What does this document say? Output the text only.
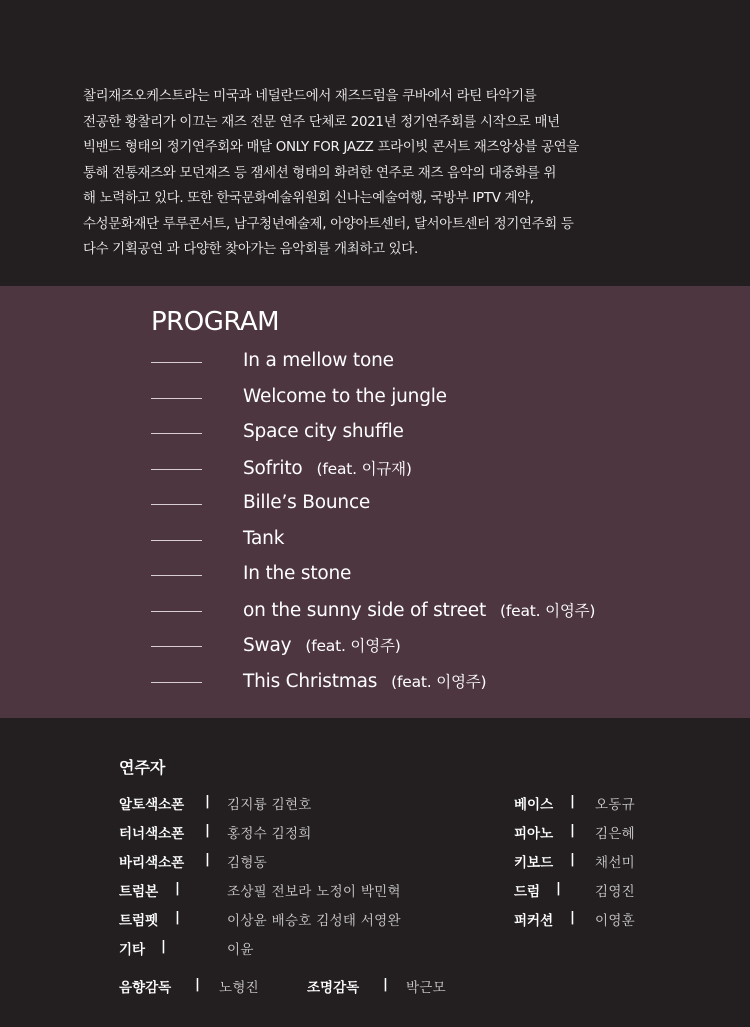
찰리재즈오케스트라는 미국과 네덜란드에서 재즈드럼을 쿠바에서 라틴 타악기를
전공한 황찰리가 이끄는 재즈 전문 연주 단체로 2021년 정기연주회를 시작으로 매년
빅밴드 형태의 정기연주회와 매달 ONLY FOR JAZZ 프라이빗 콘서트 재즈앙상블 공연을
통해 전통재즈와 모던재즈 등 잼세션 형태의 화려한 연주로 재즈 음악의 대중화를 위
해 노력하고 있다. 또한 한국문화예술위원회 신나는예술여행, 국방부 IPTV 계약,
수성문화재단 루루콘서트, 남구청년예술제, 아양아트센터, 달서아트센터 정기연주회 등
다수 기획공연 과 다양한 찾아가는 음악회를 개최하고 있다.
PROGRAM
In a mellow tone
Welcome to the jungle
Space city shuffle
Sofrito (feat. 이규재)
Bille’s Bounce
Tank
In the stone
on the sunny side of street (feat. 이영주)
Sway (feat. 이영주)
This Christmas (feat. 이영주)
연주자
알토색소폰 | 김지륭 김현호
터너색소폰 | 홍정수 김정희
바리색소폰 | 김형동
트럼본 |	조상필 전보라 노정이 박민혁
트럼펫 |	이상윤 배승호 김성태 서영완
기타 |	이윤
베이스 | 오동규
피아노 | 김은혜
키보드 | 채선미
드럼 |	김영진
퍼커션 | 이영훈
음향감독 | 노형진	조명감독 | 박근모
